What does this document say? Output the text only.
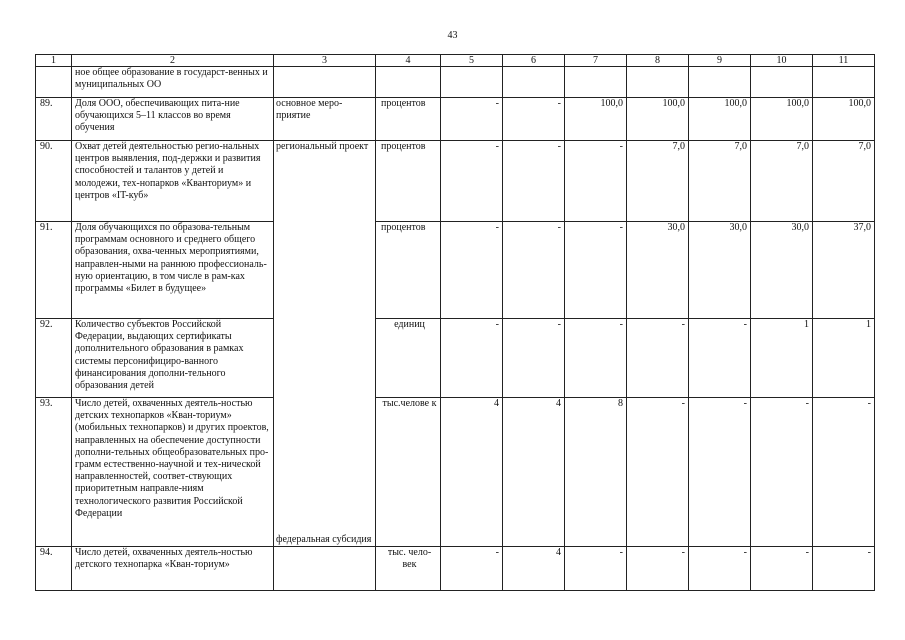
43
1	2	3	4	5	6	7	8	9	10	11
	ное общее образование в государст-венных и муниципальных ОО									
89.	Доля ООО, обеспечивающих пита-ние обучающихся 5–11 классов во время обучения	основное меро-приятие	процентов	-	-	100,0	100,0	100,0	100,0	100,0
90.	Охват детей деятельностью регио-нальных центров выявления, под-держки и развития способностей и талантов у детей и молодежи, тех-нопарков «Кванториум» и центров «IT-куб»	региональный проект	процентов	-	-	-	7,0	7,0	7,0	7,0
91.	Доля обучающихся по образова-тельным программам основного и среднего общего образования, охва-ченных мероприятиями, направлен-ными на раннюю профессиональ-ную ориентацию, в том числе в рам-ках программы «Билет в будущее»		процентов	-	-	-	30,0	30,0	30,0	37,0
92.	Количество субъектов Российской Федерации, выдающих сертификаты дополнительного образования в рамках системы персонифициро-ванного финансирования дополни-тельного образования детей		единиц	-	-	-	-	-	1	1
93.	Число детей, охваченных деятель-ностью детских технопарков «Кван-ториум» (мобильных технопарков) и других проектов, направленных на обеспечение доступности дополни-тельных общеобразовательных про-грамм естественно-научной и тех-нической направленностей, соответ-ствующих приоритетным направле-ниям технологического развития Российской Федерации	федеральная субсидия	тыс.челове к	4	4	8	-	-	-	-
94.	Число детей, охваченных деятель-ностью детского технопарка «Кван-ториум»		тыс. чело-век	-	4	-	-	-	-	-
